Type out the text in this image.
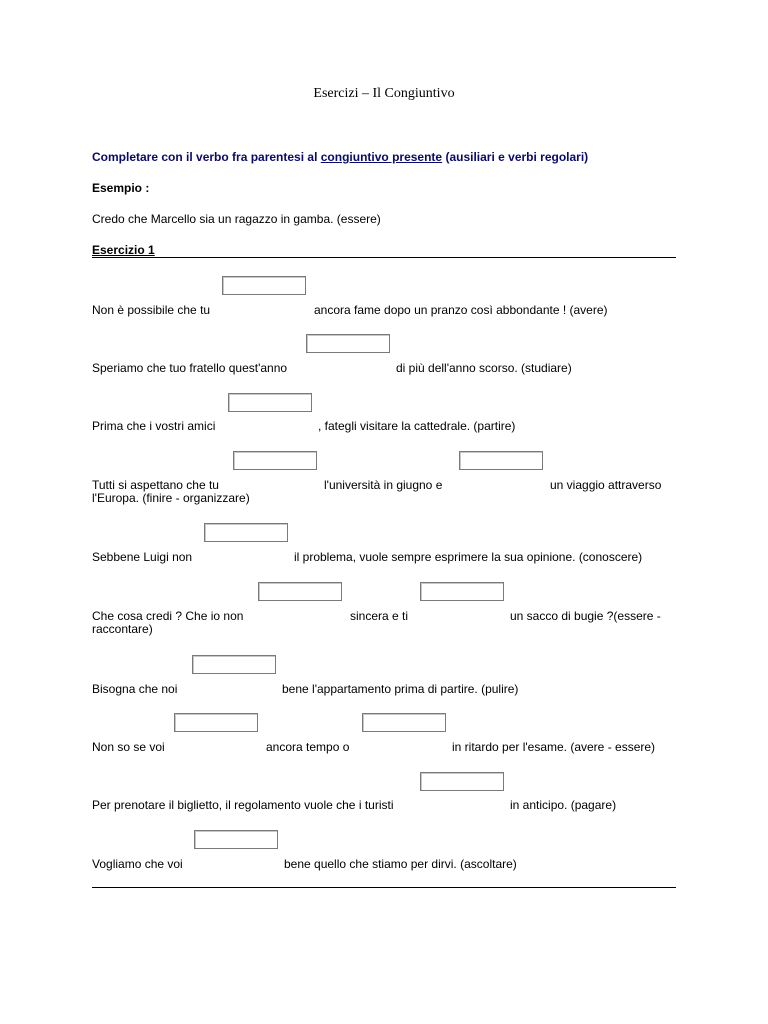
Esercizi – Il Congiuntivo
Completare con il verbo fra parentesi al congiuntivo presente (ausiliari e verbi regolari)
Esempio :
Credo che Marcello sia un ragazzo in gamba. (essere)
Esercizio 1
Non è possibile che tu	ancora fame dopo un pranzo così abbondante ! (avere)
Speriamo che tuo fratello quest'anno	di più dell'anno scorso. (studiare)
Prima che i vostri amici	, fategli visitare la cattedrale. (partire)
Tutti si aspettano che tu	l'università in giugno e	un viaggio attraverso
l'Europa. (finire - organizzare)
Sebbene Luigi non	il problema, vuole sempre esprimere la sua opinione. (conoscere)
Che cosa credi ? Che io non	sincera e ti	un sacco di bugie ?(essere -
raccontare)
Bisogna che noi	bene l'appartamento prima di partire. (pulire)
Non so se voi	ancora tempo o	in ritardo per l'esame. (avere - essere)
Per prenotare il biglietto, il regolamento vuole che i turisti	in anticipo. (pagare)
Vogliamo che voi	bene quello che stiamo per dirvi. (ascoltare)
